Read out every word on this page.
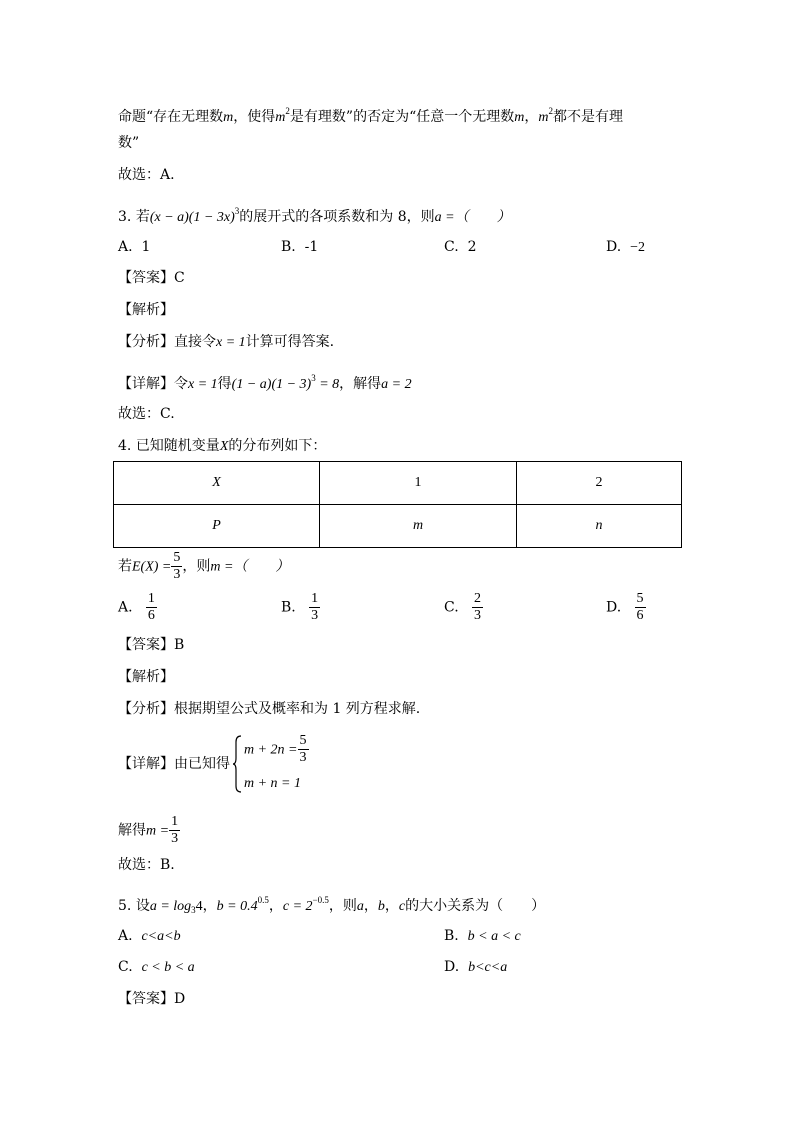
命题“存在无理数m，使得$m^2$是有理数”的否定为“任意一个无理数m，$m^2$都不是有理
数”
故选：A.
3. 若$(x - a)(1 - 3x)^3$的展开式的各项系数和为 8，则a =（　　）
A. 1	B. -1	C. 2	D. −2
【答案】C
【解析】
【分析】直接令x = 1计算可得答案.
【详解】令x = 1得$(1 - a)(1 - 3)^3 = 8$，解得a = 2
故选：C.
4. 已知随机变量X的分布列如下：
X	1	2
P	m	n
若$E(X) = \frac{5}{3}$ ，则m =（　　）
A. $\frac{1}{6}$	B. $\frac{1}{3}$	C. $\frac{2}{3}$	D. $\frac{5}{6}$
【答案】B
【解析】
【分析】根据期望公式及概率和为 1 列方程求解.
【详解】由已知得
$m + 2n = \frac{5}{3}$
m + n = 1
解得$m = \frac{1}{3}$
故选：B.
5. 设$a = \log_34$，$b = 0.4^{0.5}$，$c = 2^{-0.5}$，则a，b，c的大小关系为（　　）
A. c<a<b	B. b < a < c
C. c < b < a	D. b<c<a
【答案】D
